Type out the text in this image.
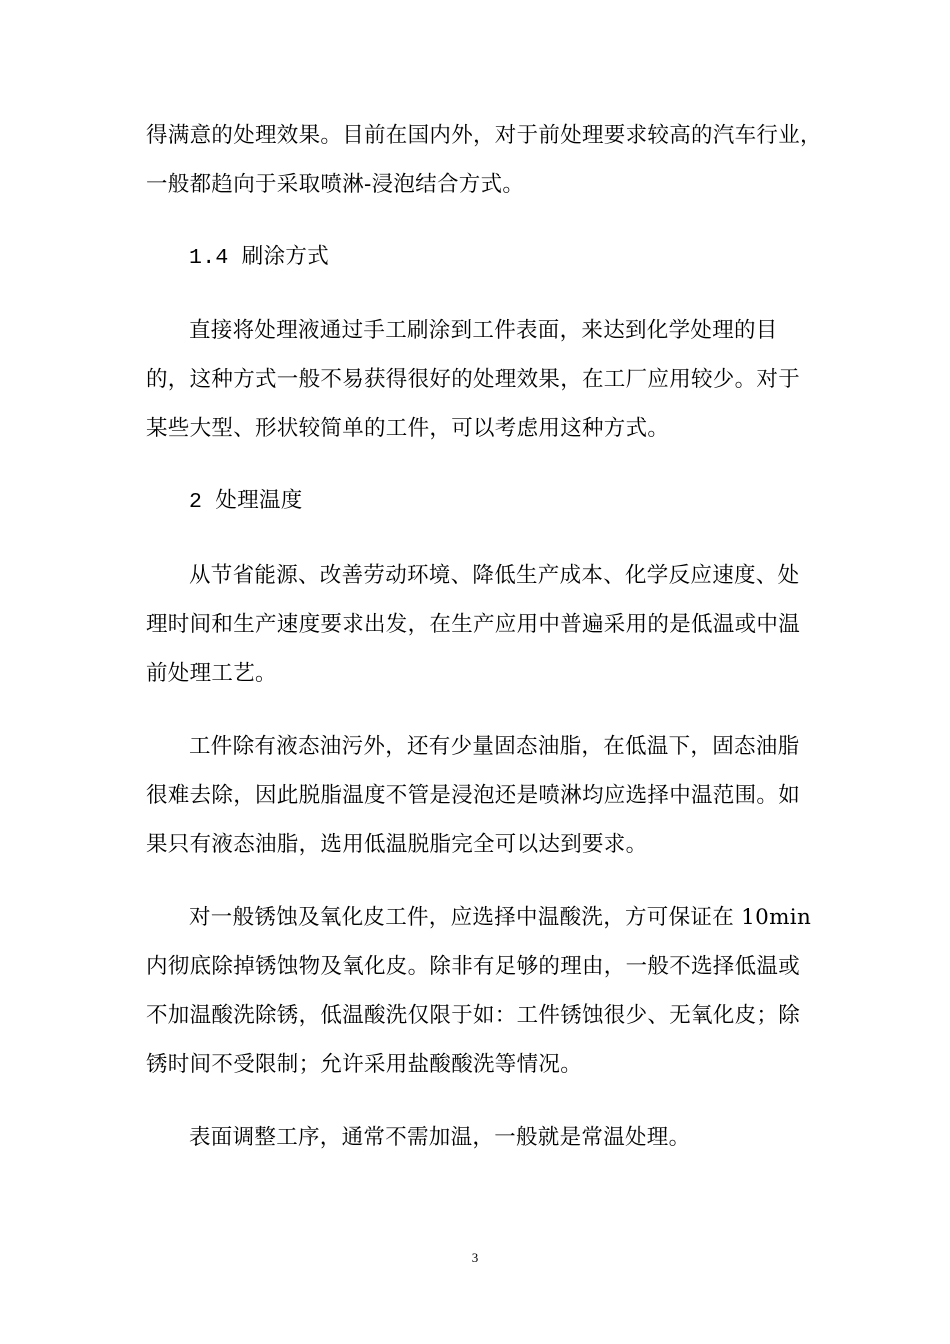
得满意的处理效果。目前在国内外，对于前处理要求较高的汽车行业，
一般都趋向于采取喷淋-浸泡结合方式。
1.4 刷涂方式
直接将处理液通过手工刷涂到工件表面，来达到化学处理的目
的，这种方式一般不易获得很好的处理效果，在工厂应用较少。对于
某些大型、形状较简单的工件，可以考虑用这种方式。
2 处理温度
从节省能源、改善劳动环境、降低生产成本、化学反应速度、处
理时间和生产速度要求出发，在生产应用中普遍采用的是低温或中温
前处理工艺。
工件除有液态油污外，还有少量固态油脂，在低温下，固态油脂
很难去除，因此脱脂温度不管是浸泡还是喷淋均应选择中温范围。如
果只有液态油脂，选用低温脱脂完全可以达到要求。
对一般锈蚀及氧化皮工件，应选择中温酸洗，方可保证在 10min
内彻底除掉锈蚀物及氧化皮。除非有足够的理由，一般不选择低温或
不加温酸洗除锈，低温酸洗仅限于如：工件锈蚀很少、无氧化皮；除
锈时间不受限制；允许采用盐酸酸洗等情况。
表面调整工序，通常不需加温，一般就是常温处理。
3
